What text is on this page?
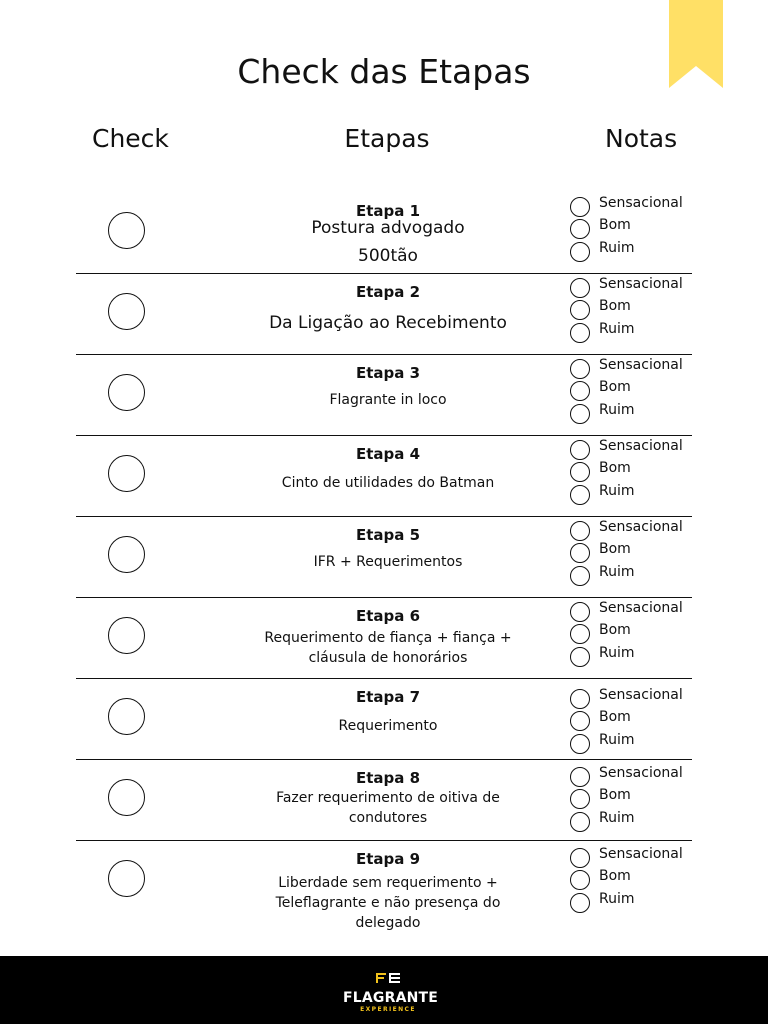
Check das Etapas
Check	Etapas	Notas
Etapa 1
Postura advogado
500tão
Sensacional
Bom
Ruim
Etapa 2
Da Ligação ao Recebimento
Sensacional
Bom
Ruim
Etapa 3
Flagrante in loco
Sensacional
Bom
Ruim
Etapa 4
Cinto de utilidades do Batman
Sensacional
Bom
Ruim
Etapa 5
IFR + Requerimentos
Sensacional
Bom
Ruim
Etapa 6
Requerimento de fiança + fiança +
cláusula de honorários
Sensacional
Bom
Ruim
Etapa 7
Requerimento
Sensacional
Bom
Ruim
Etapa 8
Fazer requerimento de oitiva de
condutores
Sensacional
Bom
Ruim
Etapa 9
Liberdade sem requerimento +
Teleflagrante e não presença do
delegado
Sensacional
Bom
Ruim
FLAGRANTE
EXPERIENCE
